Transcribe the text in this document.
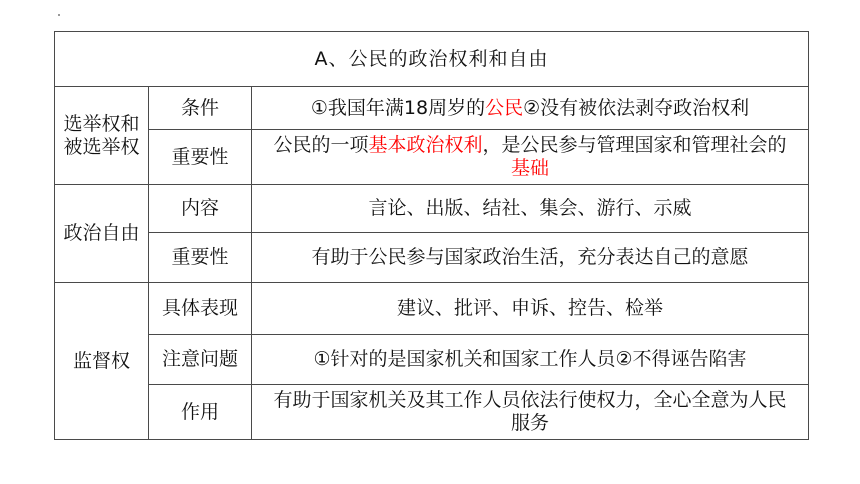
A、公民的政治权利和自由		
选举权和
被选举权	条件	①我国年满18周岁的公民②没有被依法剥夺政治权利
	重要性	公民的一项基本政治权利，是公民参与管理国家和管理社会的基础
政治自由	内容	言论、出版、结社、集会、游行、示威
	重要性	有助于公民参与国家政治生活，充分表达自己的意愿
监督权	具体表现	建议、批评、申诉、控告、检举
	注意问题	①针对的是国家机关和国家工作人员②不得诬告陷害
	作用	有助于国家机关及其工作人员依法行使权力，全心全意为人民服务
